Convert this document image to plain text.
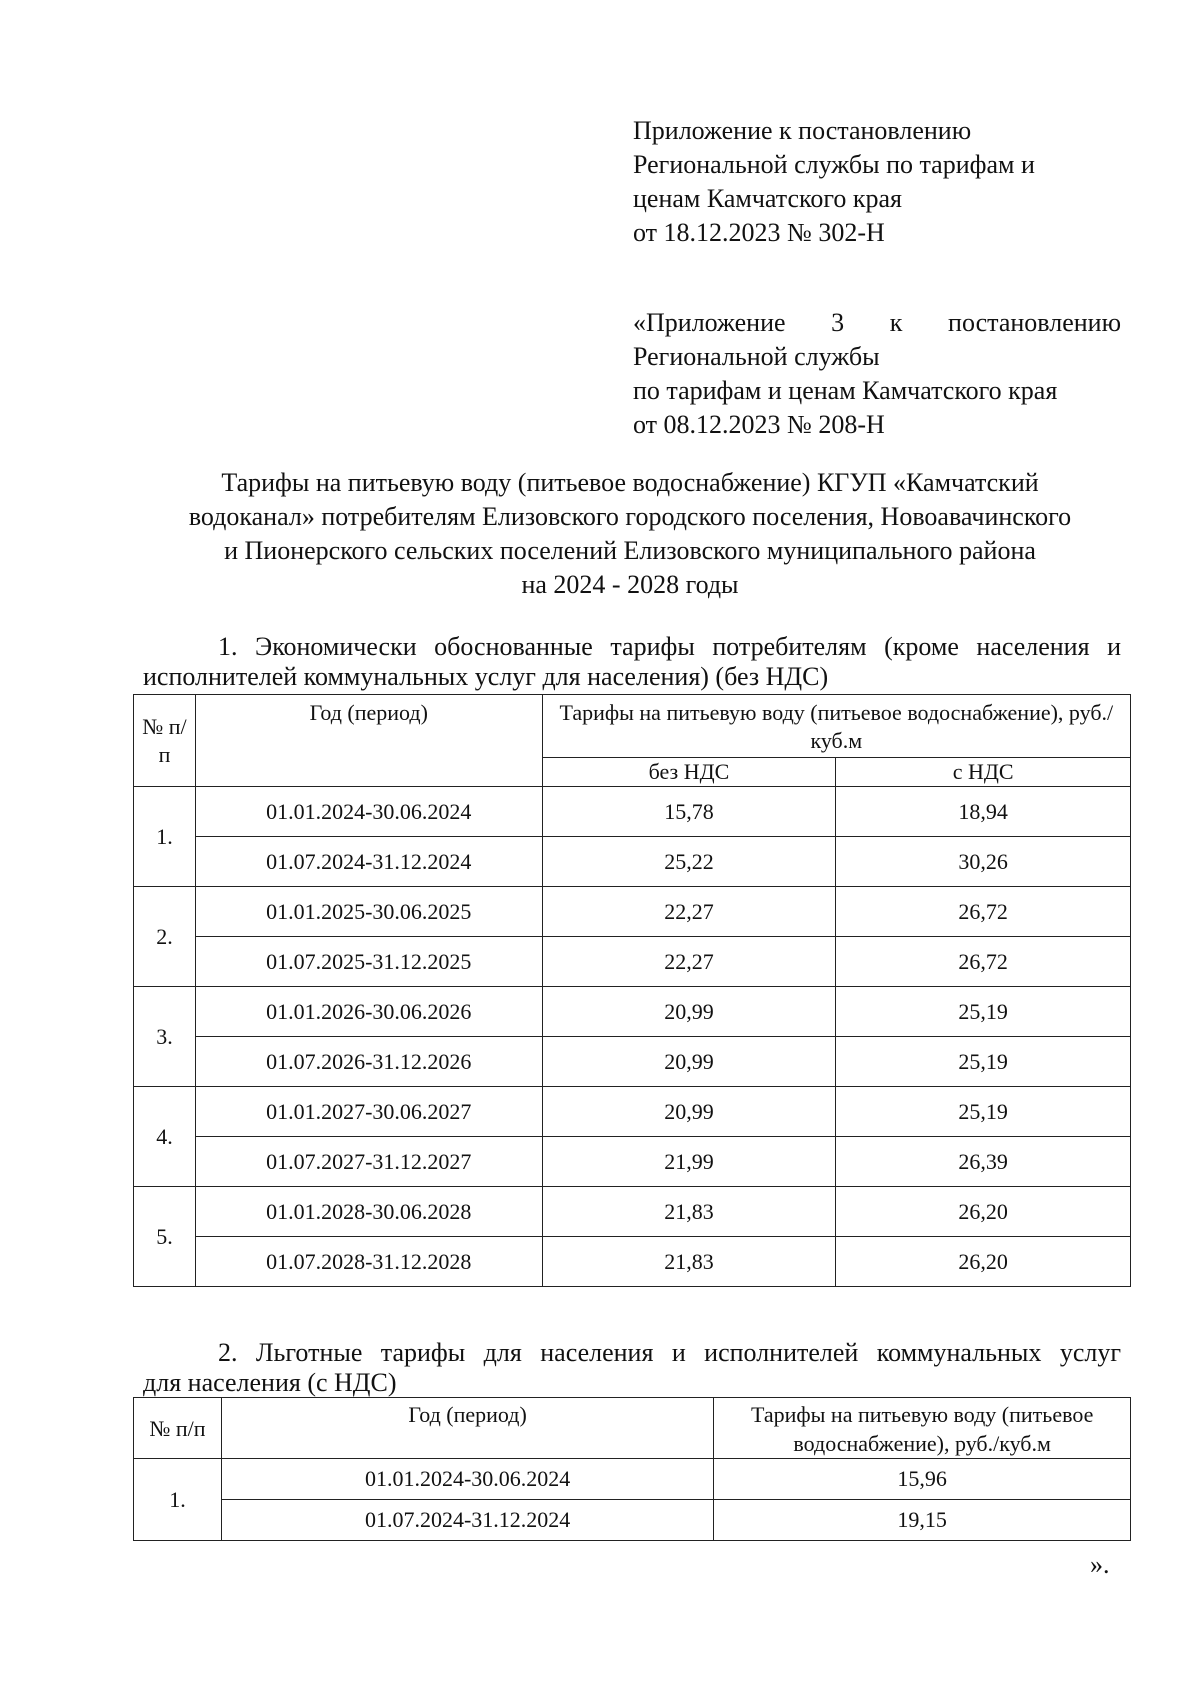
Приложение к постановлению
Региональной службы по тарифам и
ценам Камчатского края
от 18.12.2023 № 302-Н
«Приложение 3 к постановлению
Региональной службы
по тарифам и ценам Камчатского края
от 08.12.2023 № 208-Н
Тарифы на питьевую воду (питьевое водоснабжение) КГУП «Камчатский
водоканал» потребителям Елизовского городского поселения, Новоавачинского
и Пионерского сельских поселений Елизовского муниципального района
на 2024 - 2028 годы
1. Экономически обоснованные тарифы потребителям (кроме населения и
исполнителей коммунальных услуг для населения) (без НДС)
№ п/п	Год (период)	Тарифы на питьевую воду (питьевое водоснабжение), руб./куб.м	
		без НДС	с НДС
1.	01.01.2024-30.06.2024	15,78	18,94
	01.07.2024-31.12.2024	25,22	30,26
2.	01.01.2025-30.06.2025	22,27	26,72
	01.07.2025-31.12.2025	22,27	26,72
3.	01.01.2026-30.06.2026	20,99	25,19
	01.07.2026-31.12.2026	20,99	25,19
4.	01.01.2027-30.06.2027	20,99	25,19
	01.07.2027-31.12.2027	21,99	26,39
5.	01.01.2028-30.06.2028	21,83	26,20
	01.07.2028-31.12.2028	21,83	26,20
2. Льготные тарифы для населения и исполнителей коммунальных услуг
для населения (с НДС)
№ п/п	Год (период)	Тарифы на питьевую воду (питьевое водоснабжение), руб./куб.м
1.	01.01.2024-30.06.2024	15,96
	01.07.2024-31.12.2024	19,15
».
